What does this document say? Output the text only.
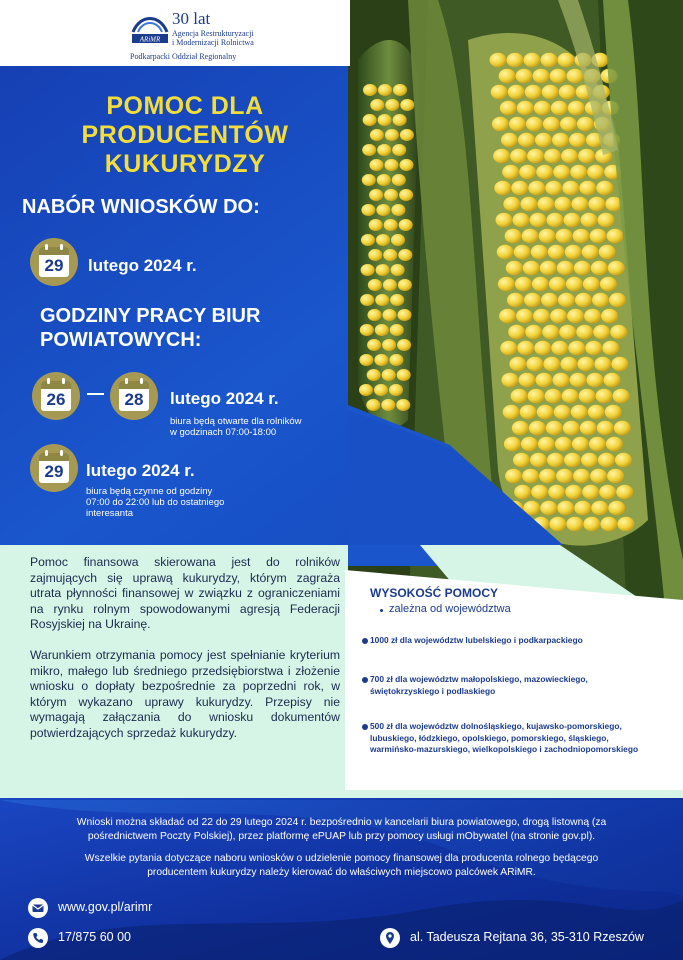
ARiMR
30 lat
Agencja Restrukturyzacji
i Modernizacji Rolnictwa
Podkarpacki Oddział Regionalny
POMOC DLA
PRODUCENTÓW
KUKURYDZY
NABÓR WNIOSKÓW DO:
29	lutego 2024 r.
GODZINY PRACY BIUR
POWIATOWYCH:
26	28	lutego 2024 r.
biura będą otwarte dla rolników
w godzinach 07:00-18:00
29	lutego 2024 r.
biura będą czynne od godziny
07:00 do 22:00 lub do ostatniego
interesanta

Pomoc finansowa skierowana jest do rolników zajmujących się uprawą kukurydzy, którym zagraża utrata płynności finansowej w związku z ograniczeniami na rynku rolnym spowodowanymi agresją Federacji Rosyjskiej na Ukrainę.

Warunkiem otrzymania pomocy jest spełnianie kryterium mikro, małego lub średniego przedsiębiorstwa i złożenie wniosku o dopłaty bezpośrednie za poprzedni rok, w którym wykazano uprawy kukurydzy. Przepisy nie wymagają załączania do wniosku dokumentów potwierdzających sprzedaż kukurydzy.

WYSOKOŚĆ POMOCY
zależna od województwa
1000 zł dla województw lubelskiego i podkarpackiego
700 zł dla województw małopolskiego, mazowieckiego,
świętokrzyskiego i podlaskiego
500 zł dla województw dolnośląskiego, kujawsko-pomorskiego,
lubuskiego, łódzkiego, opolskiego, pomorskiego, śląskiego,
warmińsko-mazurskiego, wielkopolskiego i zachodniopomorskiego
Wnioski można składać od 22 do 29 lutego 2024 r. bezpośrednio w kancelarii biura powiatowego, drogą listowną (za
pośrednictwem Poczty Polskiej), przez platformę ePUAP lub przy pomocy usługi mObywatel (na stronie gov.pl).
Wszelkie pytania dotyczące naboru wniosków o udzielenie pomocy finansowej dla producenta rolnego będącego
producentem kukurydzy należy kierować do właściwych miejscowo palcówek ARiMR.
www.gov.pl/arimr
17/875 60 00	al. Tadeusza Rejtana 36, 35-310 Rzeszów
